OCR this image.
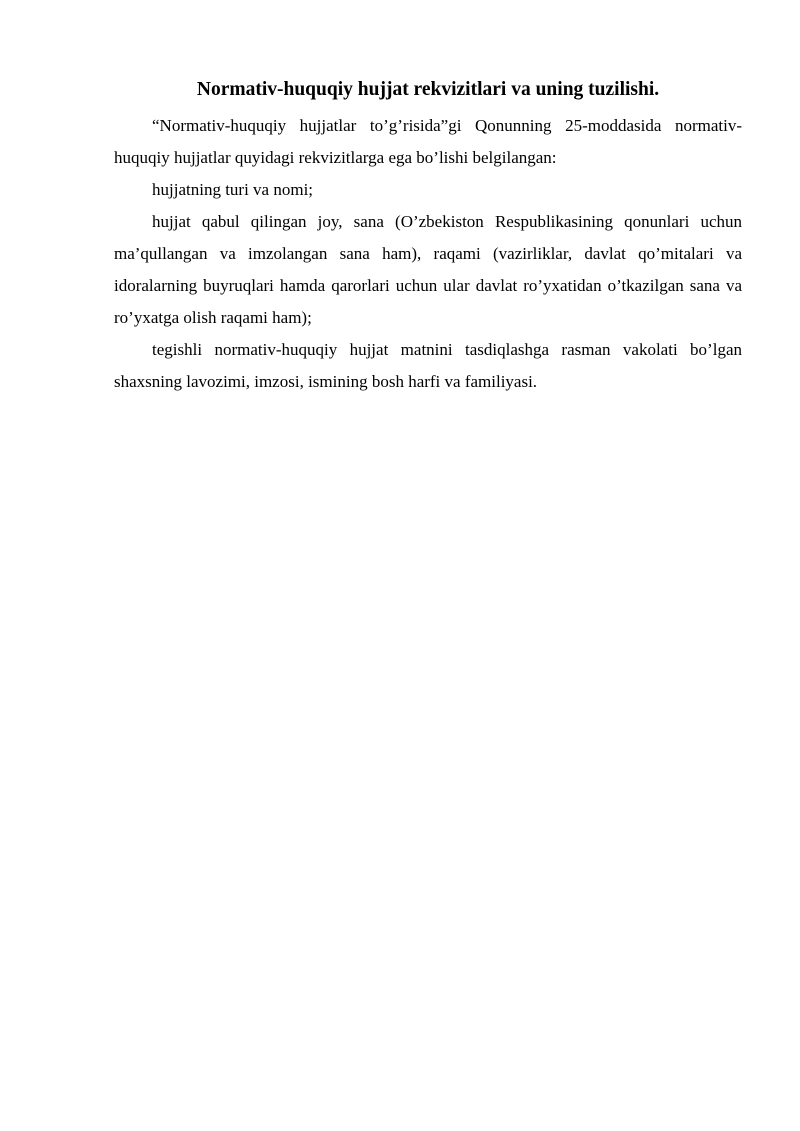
Normativ-huquqiy hujjat rekvizitlari va uning tuzilishi.

“Normativ-huquqiy hujjatlar to’g’risida”gi Qonunning 25-moddasida normativ-huquqiy hujjatlar quyidagi rekvizitlarga ega bo’lishi belgilangan:

hujjatning turi va nomi;

hujjat qabul qilingan joy, sana (O’zbekiston Respublikasining qonunlari uchun ma’qullangan va imzolangan sana ham), raqami (vazirliklar, davlat qo’mitalari va idoralarning buyruqlari hamda qarorlari uchun ular davlat ro’yxatidan o’tkazilgan sana va ro’yxatga olish raqami ham);

tegishli normativ-huquqiy hujjat matnini tasdiqlashga rasman vakolati bo’lgan shaxsning lavozimi, imzosi, ismining bosh harfi va familiyasi.
